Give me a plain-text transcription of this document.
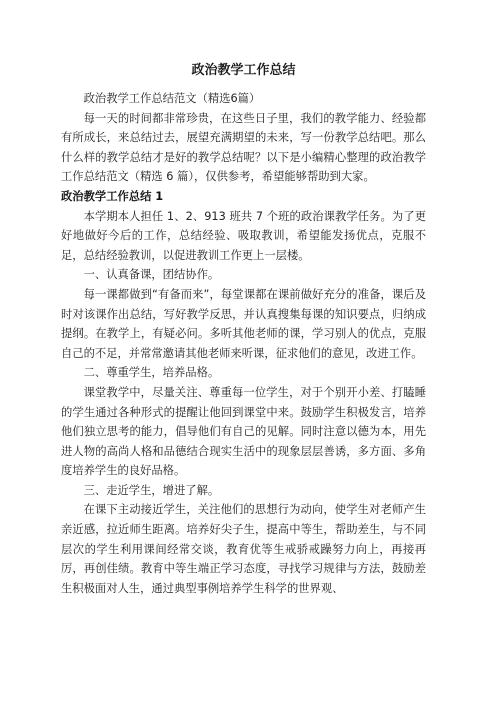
政治教学工作总结

政治教学工作总结范文（精选6篇）

每一天的时间都非常珍贵，在这些日子里，我们的教学能力、经验都有所成长，来总结过去，展望充满期望的未来，写一份教学总结吧。那么什么样的教学总结才是好的教学总结呢？以下是小编精心整理的政治教学工作总结范文（精选 6 篇），仅供参考，希望能够帮助到大家。

政治教学工作总结 1

本学期本人担任 1、2、913 班共 7 个班的政治课教学任务。为了更好地做好今后的工作，总结经验、吸取教训，希望能发扬优点，克服不足，总结经验教训，以促进教训工作更上一层楼。

一、认真备课，团结协作。

每一课都做到“有备而来”，每堂课都在课前做好充分的准备，课后及时对该课作出总结，写好教学反思，并认真搜集每课的知识要点，归纳成提纲。在教学上，有疑必问。多听其他老师的课，学习别人的优点，克服自己的不足，并常常邀请其他老师来听课，征求他们的意见，改进工作。

二、尊重学生，培养品格。

课堂教学中，尽量关注、尊重每一位学生，对于个别开小差、打瞌睡的学生通过各种形式的提醒让他回到课堂中来。鼓励学生积极发言，培养他们独立思考的能力，倡导他们有自己的见解。同时注意以德为本，用先进人物的高尚人格和品德结合现实生活中的现象层层善诱，多方面、多角度培养学生的良好品格。

三、走近学生，增进了解。

在课下主动接近学生，关注他们的思想行为动向，使学生对老师产生亲近感，拉近师生距离。培养好尖子生，提高中等生，帮助差生，与不同层次的学生利用课间经常交谈，教育优等生戒骄戒躁努力向上，再接再厉，再创佳绩。教育中等生端正学习态度，寻找学习规律与方法，鼓励差生积极面对人生，通过典型事例培养学生科学的世界观、
